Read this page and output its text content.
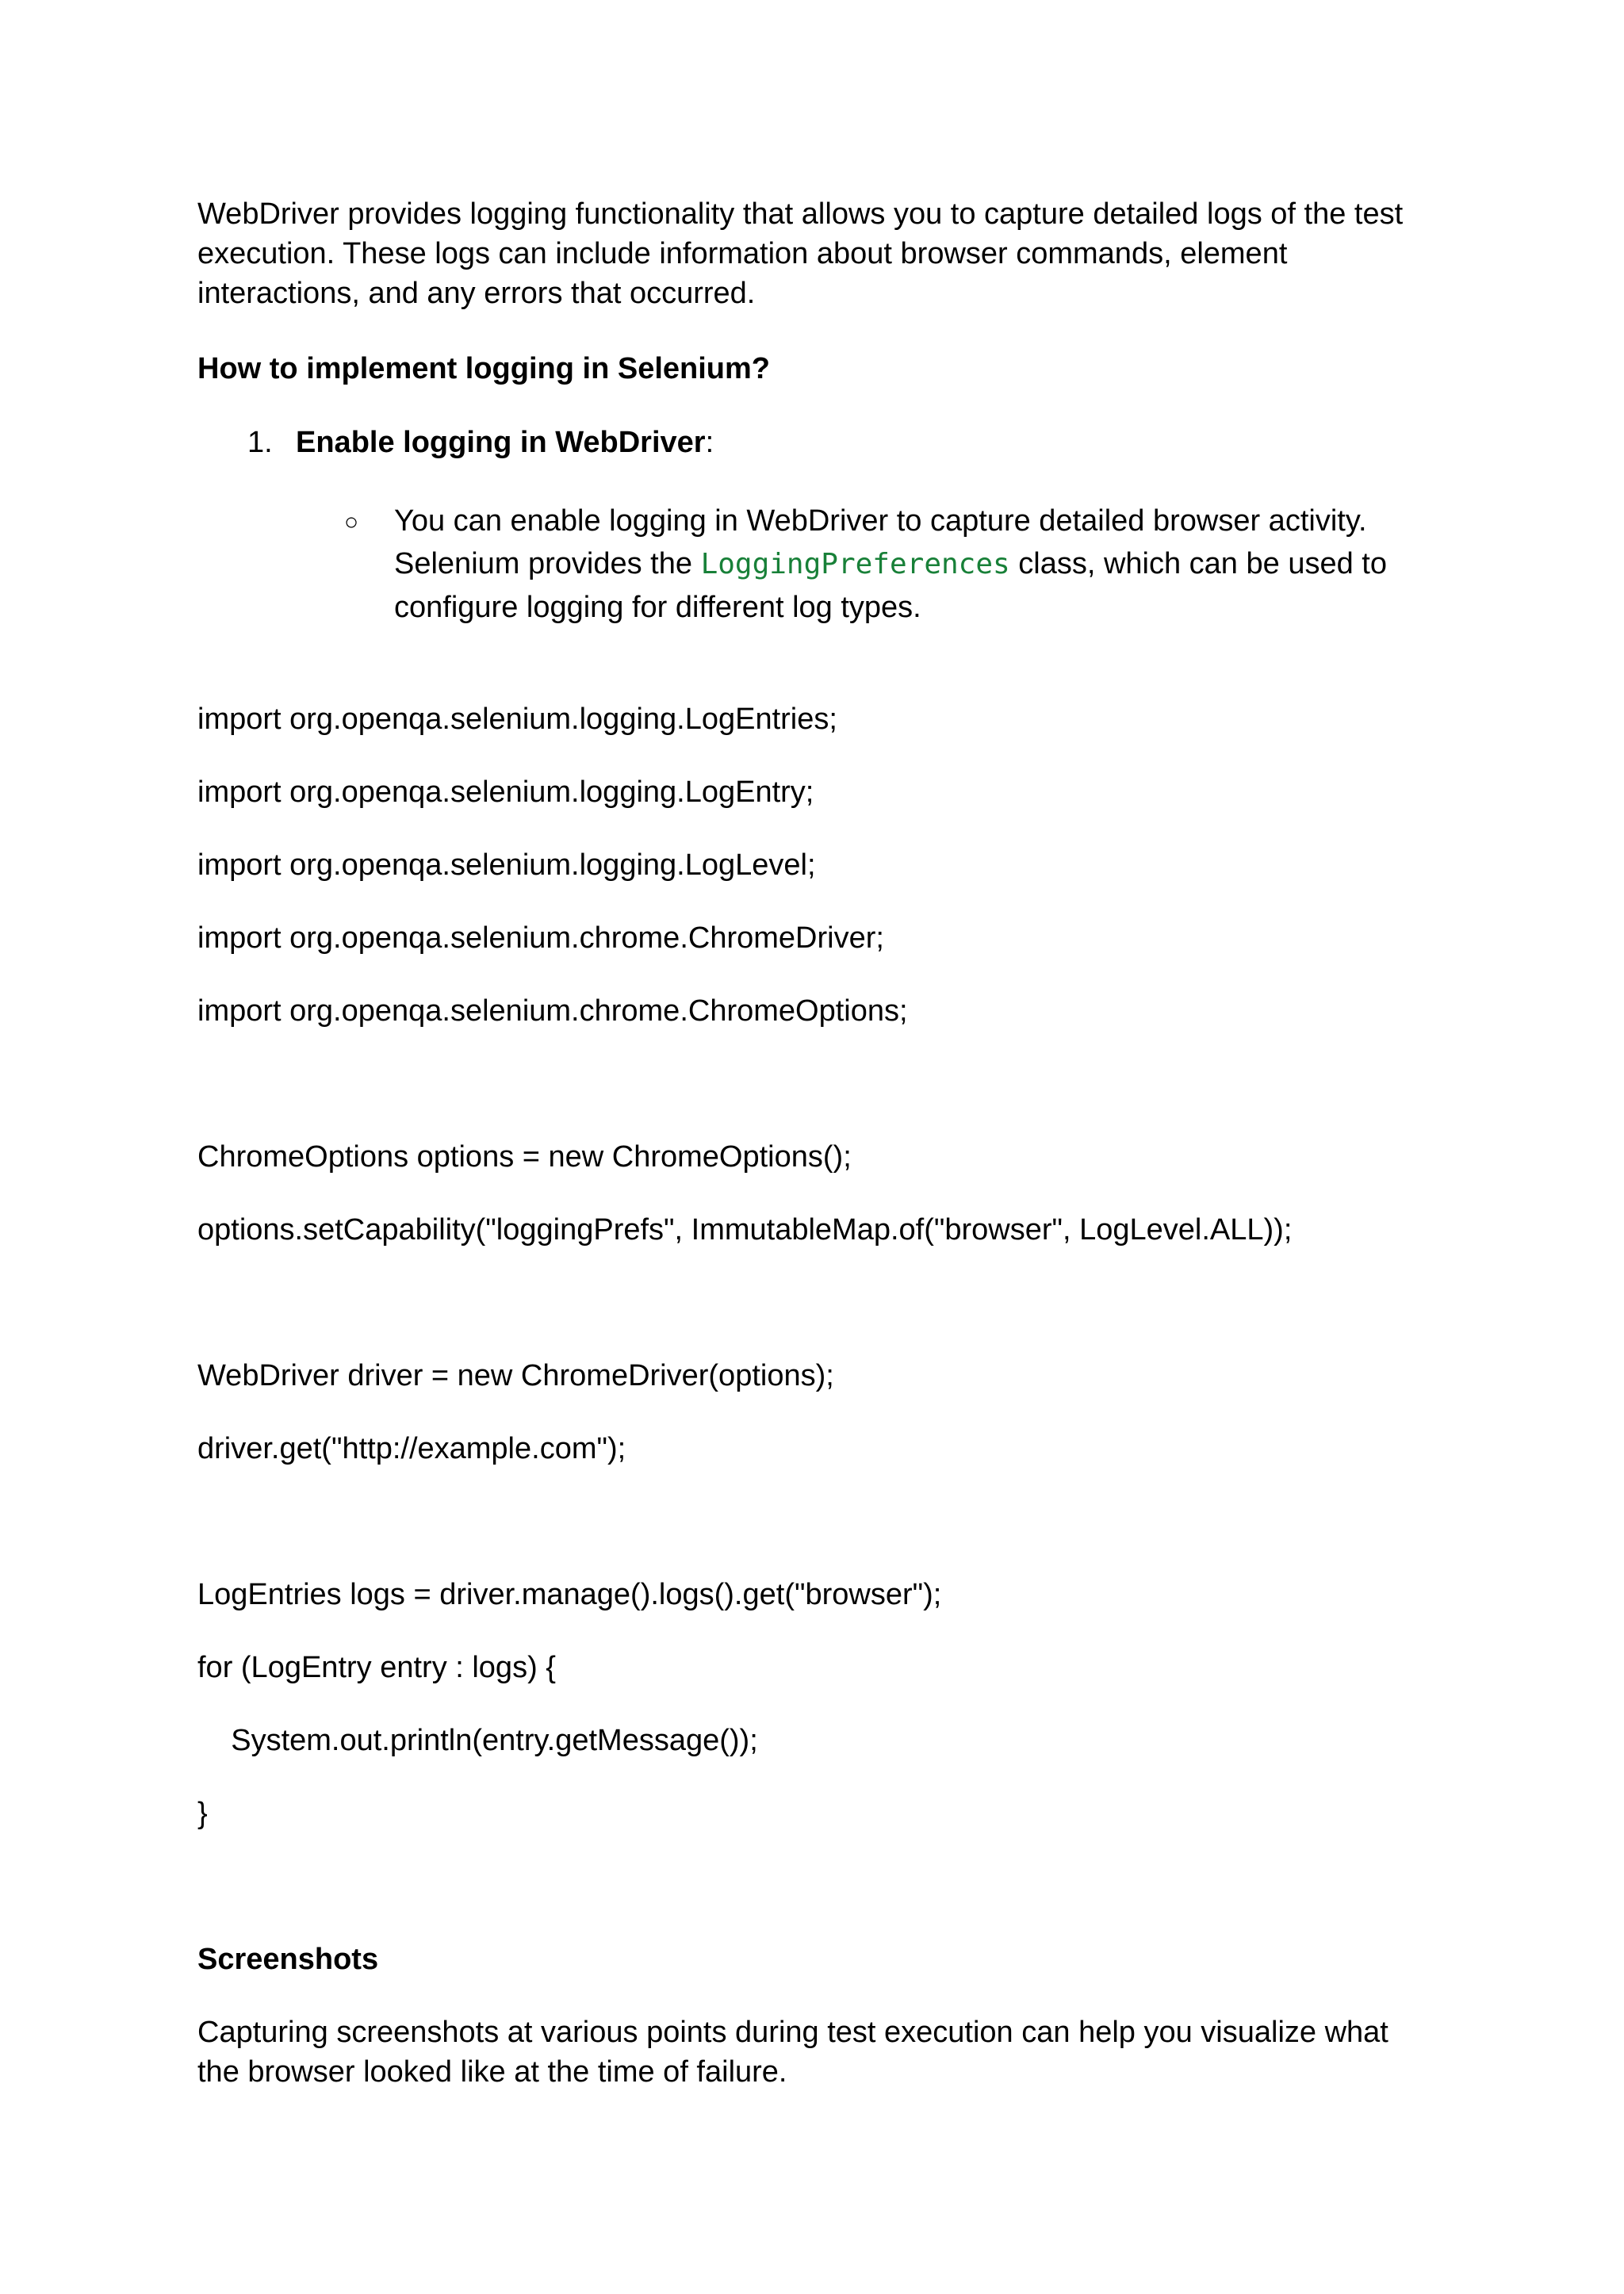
WebDriver provides logging functionality that allows you to capture detailed logs of the test execution. These logs can include information about browser commands, element interactions, and any errors that occurred.

How to implement logging in Selenium?

1. Enable logging in WebDriver:
○ You can enable logging in WebDriver to capture detailed browser activity. Selenium provides the LoggingPreferences class, which can be used to configure logging for different log types.

import org.openqa.selenium.logging.LogEntries;

import org.openqa.selenium.logging.LogEntry;

import org.openqa.selenium.logging.LogLevel;

import org.openqa.selenium.chrome.ChromeDriver;

import org.openqa.selenium.chrome.ChromeOptions;

ChromeOptions options = new ChromeOptions();

options.setCapability("loggingPrefs", ImmutableMap.of("browser", LogLevel.ALL));

WebDriver driver = new ChromeDriver(options);

driver.get("http://example.com");

LogEntries logs = driver.manage().logs().get("browser");

for (LogEntry entry : logs) {

System.out.println(entry.getMessage());

}

Screenshots

Capturing screenshots at various points during test execution can help you visualize what the browser looked like at the time of failure.
